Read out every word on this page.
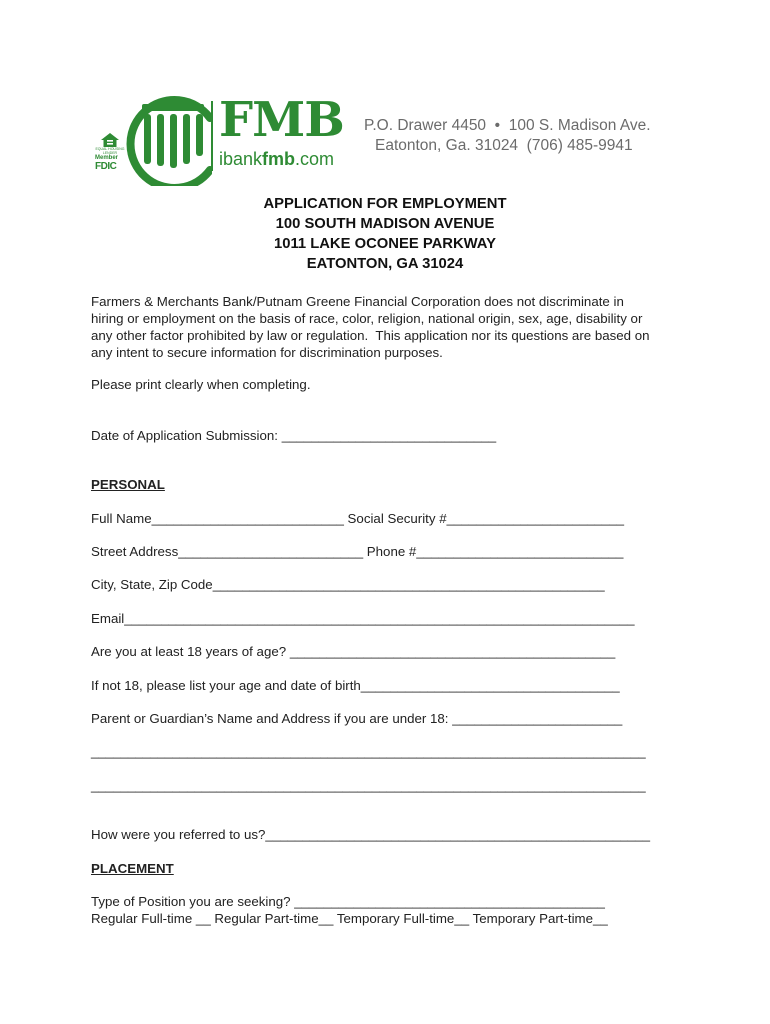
EQUAL HOUSING LENDER
Member
FDIC
FMB
ibankfmb.com
P.O. Drawer 4450  •  100 S. Madison Ave.
Eatonton, Ga. 31024  (706) 485-9941
APPLICATION FOR EMPLOYMENT
100 SOUTH MADISON AVENUE
1011 LAKE OCONEE PARKWAY
EATONTON, GA 31024
Farmers & Merchants Bank/Putnam Greene Financial Corporation does not discriminate in
hiring or employment on the basis of race, color, religion, national origin, sex, age, disability or
any other factor prohibited by law or regulation.  This application nor its questions are based on
any intent to secure information for discrimination purposes.
Please print clearly when completing.
Date of Application Submission: _____________________________
PERSONAL
Full Name__________________________ Social Security #________________________
Street Address_________________________ Phone #____________________________
City, State, Zip Code_____________________________________________________
Email_____________________________________________________________________
Are you at least 18 years of age? ____________________________________________
If not 18, please list your age and date of birth___________________________________
Parent or Guardian’s Name and Address if you are under 18: _______________________
___________________________________________________________________________
___________________________________________________________________________
How were you referred to us?____________________________________________________
PLACEMENT
Type of Position you are seeking? __________________________________________
Regular Full-time __ Regular Part-time__ Temporary Full-time__ Temporary Part-time__
